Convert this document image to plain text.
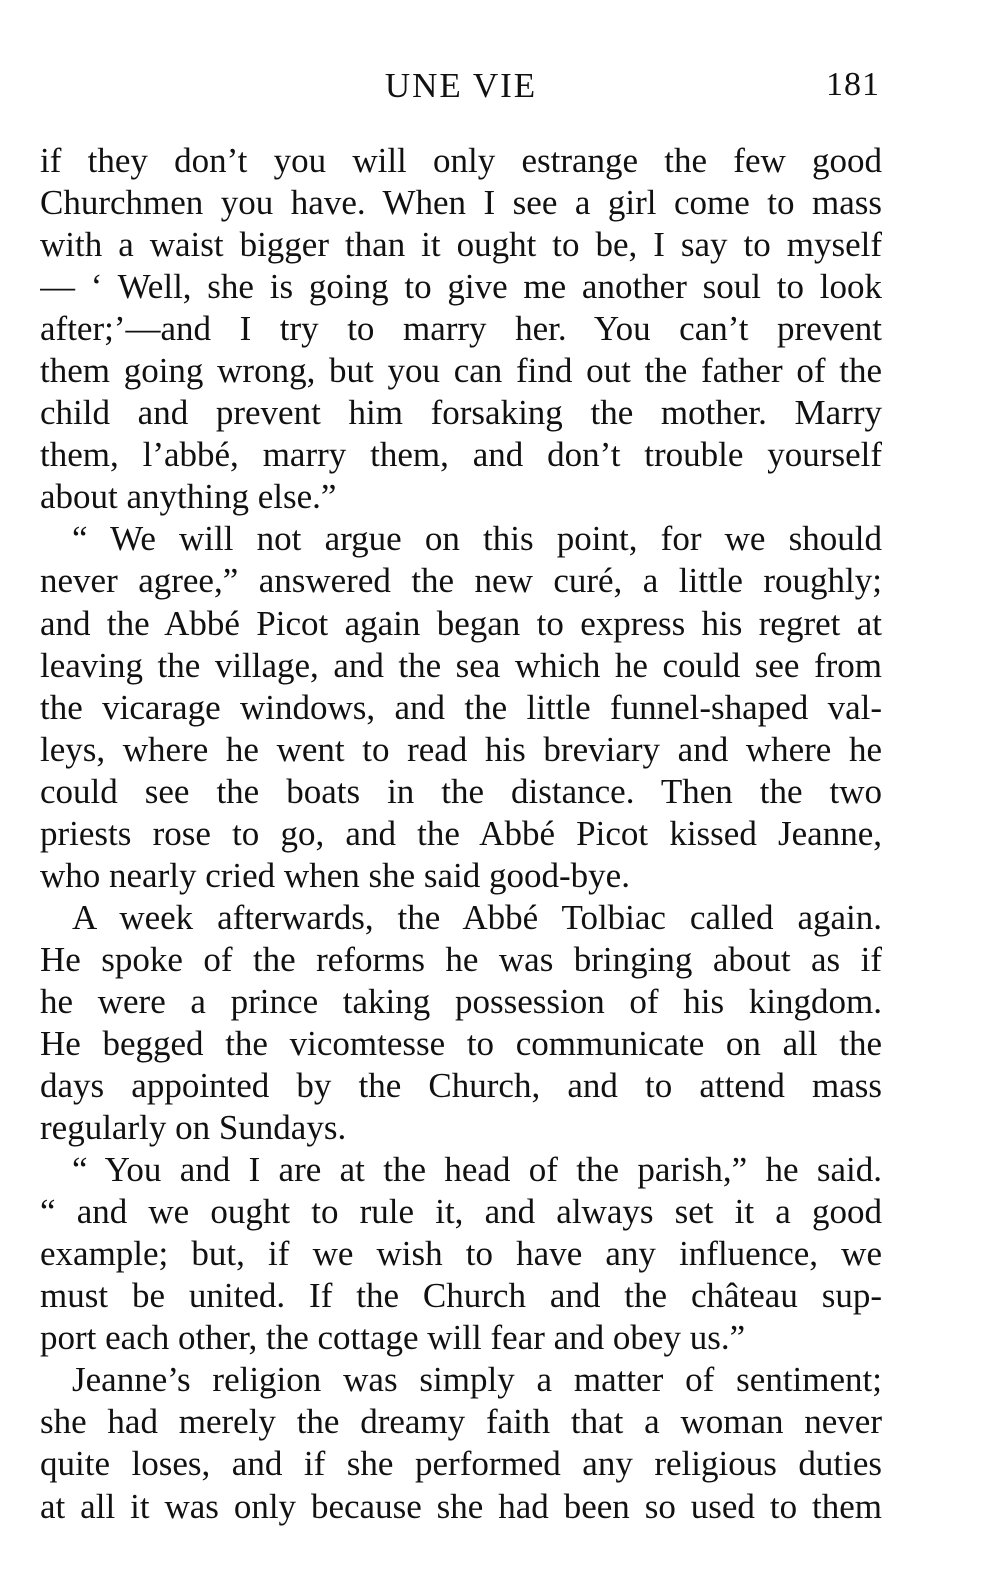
UNE VIE	181
if they don’t you will only estrange the few good
Churchmen you have. When I see a girl come to mass
with a waist bigger than it ought to be, I say to myself
— ‘ Well, she is going to give me another soul to look
after;’—and I try to marry her. You can’t prevent
them going wrong, but you can find out the father of the
child and prevent him forsaking the mother. Marry
them, l’abbé, marry them, and don’t trouble yourself
about anything else.”
“ We will not argue on this point, for we should
never agree,” answered the new curé, a little roughly;
and the Abbé Picot again began to express his regret at
leaving the village, and the sea which he could see from
the vicarage windows, and the little funnel-shaped val-
leys, where he went to read his breviary and where he
could see the boats in the distance. Then the two
priests rose to go, and the Abbé Picot kissed Jeanne,
who nearly cried when she said good-bye.
A week afterwards, the Abbé Tolbiac called again.
He spoke of the reforms he was bringing about as if
he were a prince taking possession of his kingdom.
He begged the vicomtesse to communicate on all the
days appointed by the Church, and to attend mass
regularly on Sundays.
“ You and I are at the head of the parish,” he said.
“ and we ought to rule it, and always set it a good
example; but, if we wish to have any influence, we
must be united. If the Church and the château sup-
port each other, the cottage will fear and obey us.”
Jeanne’s religion was simply a matter of sentiment;
she had merely the dreamy faith that a woman never
quite loses, and if she performed any religious duties
at all it was only because she had been so used to them
